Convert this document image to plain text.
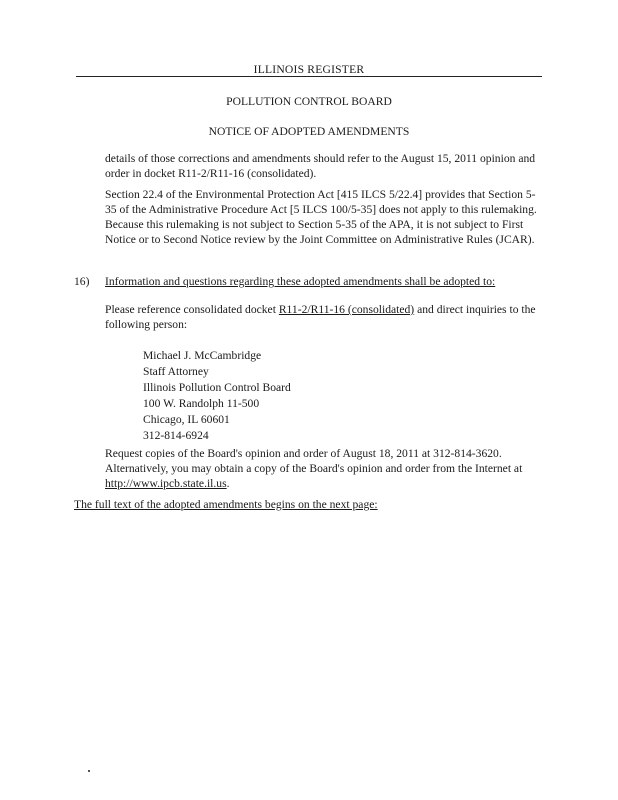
ILLINOIS REGISTER
POLLUTION CONTROL BOARD
NOTICE OF ADOPTED AMENDMENTS
details of those corrections and amendments should refer to the August 15, 2011 opinion and order in docket R11-2/R11-16 (consolidated).
Section 22.4 of the Environmental Protection Act [415 ILCS 5/22.4] provides that Section 5-35 of the Administrative Procedure Act [5 ILCS 100/5-35] does not apply to this rulemaking. Because this rulemaking is not subject to Section 5-35 of the APA, it is not subject to First Notice or to Second Notice review by the Joint Committee on Administrative Rules (JCAR).
16) Information and questions regarding these adopted amendments shall be adopted to:
Please reference consolidated docket R11-2/R11-16 (consolidated) and direct inquiries to the following person:
Michael J. McCambridge
Staff Attorney
Illinois Pollution Control Board
100 W. Randolph 11-500
Chicago, IL 60601
312-814-6924
Request copies of the Board's opinion and order of August 18, 2011 at 312-814-3620. Alternatively, you may obtain a copy of the Board's opinion and order from the Internet at http://www.ipcb.state.il.us.
The full text of the adopted amendments begins on the next page:
